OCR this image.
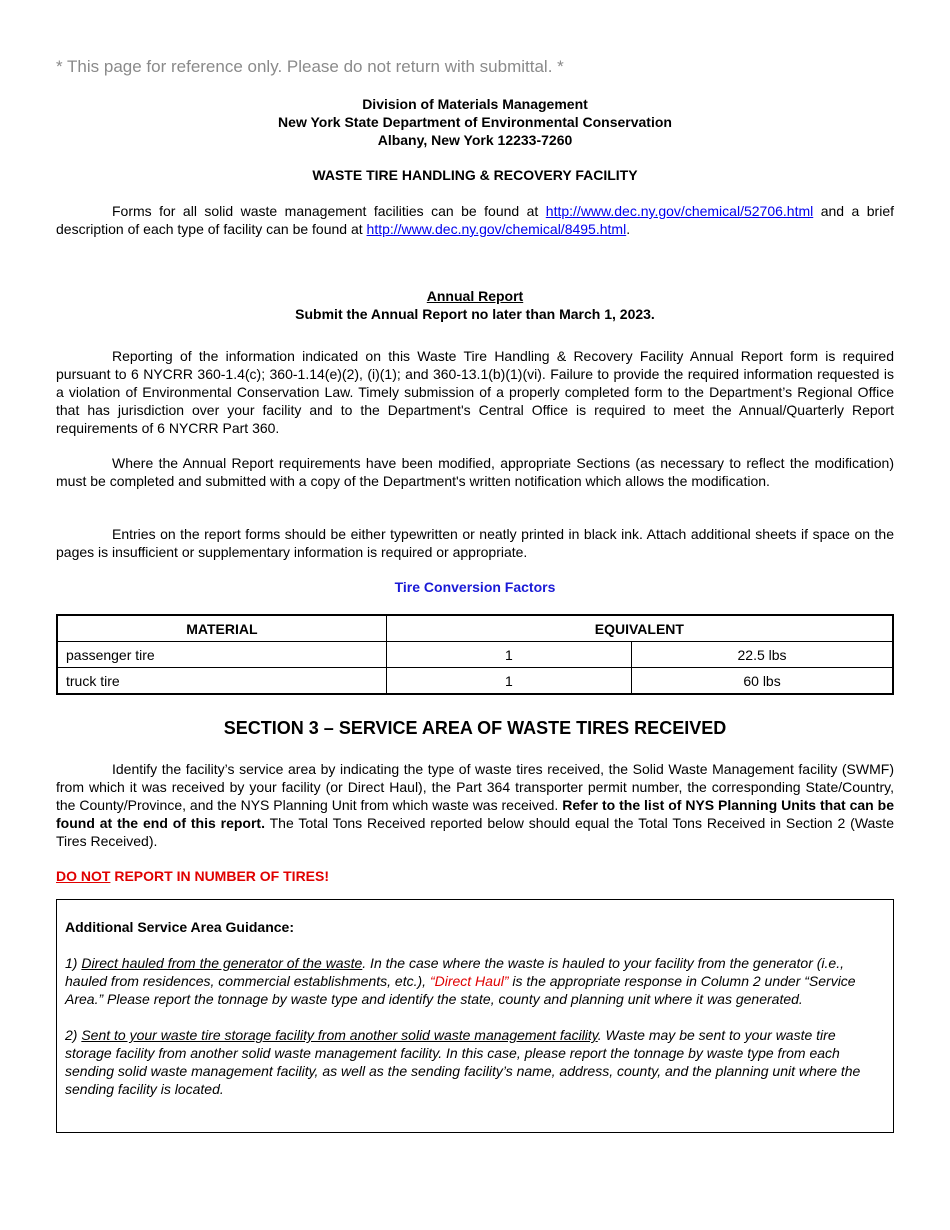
* This page for reference only. Please do not return with submittal. *
Division of Materials Management
New York State Department of Environmental Conservation
Albany, New York 12233-7260
WASTE TIRE HANDLING & RECOVERY FACILITY
Forms for all solid waste management facilities can be found at http://www.dec.ny.gov/chemical/52706.html and a brief description of each type of facility can be found at http://www.dec.ny.gov/chemical/8495.html.
Annual Report
Submit the Annual Report no later than March 1, 2023.
Reporting of the information indicated on this Waste Tire Handling & Recovery Facility Annual Report form is required pursuant to 6 NYCRR 360-1.4(c); 360-1.14(e)(2), (i)(1); and 360-13.1(b)(1)(vi). Failure to provide the required information requested is a violation of Environmental Conservation Law. Timely submission of a properly completed form to the Department’s Regional Office that has jurisdiction over your facility and to the Department's Central Office is required to meet the Annual/Quarterly Report requirements of 6 NYCRR Part 360.
Where the Annual Report requirements have been modified, appropriate Sections (as necessary to reflect the modification) must be completed and submitted with a copy of the Department's written notification which allows the modification.
Entries on the report forms should be either typewritten or neatly printed in black ink. Attach additional sheets if space on the pages is insufficient or supplementary information is required or appropriate.
Tire Conversion Factors
MATERIAL	EQUIVALENT	
passenger tire	1	22.5 lbs
truck tire	1	60 lbs
SECTION 3 – SERVICE AREA OF WASTE TIRES RECEIVED
Identify the facility’s service area by indicating the type of waste tires received, the Solid Waste Management facility (SWMF) from which it was received by your facility (or Direct Haul), the Part 364 transporter permit number, the corresponding State/Country, the County/Province, and the NYS Planning Unit from which waste was received. Refer to the list of NYS Planning Units that can be found at the end of this report. The Total Tons Received reported below should equal the Total Tons Received in Section 2 (Waste Tires Received).
DO NOT REPORT IN NUMBER OF TIRES!
Additional Service Area Guidance:
1) Direct hauled from the generator of the waste. In the case where the waste is hauled to your facility from the generator (i.e., hauled from residences, commercial establishments, etc.), “Direct Haul” is the appropriate response in Column 2 under “Service Area.” Please report the tonnage by waste type and identify the state, county and planning unit where it was generated.
2) Sent to your waste tire storage facility from another solid waste management facility. Waste may be sent to your waste tire storage facility from another solid waste management facility. In this case, please report the tonnage by waste type from each sending solid waste management facility, as well as the sending facility’s name, address, county, and the planning unit where the sending facility is located.
